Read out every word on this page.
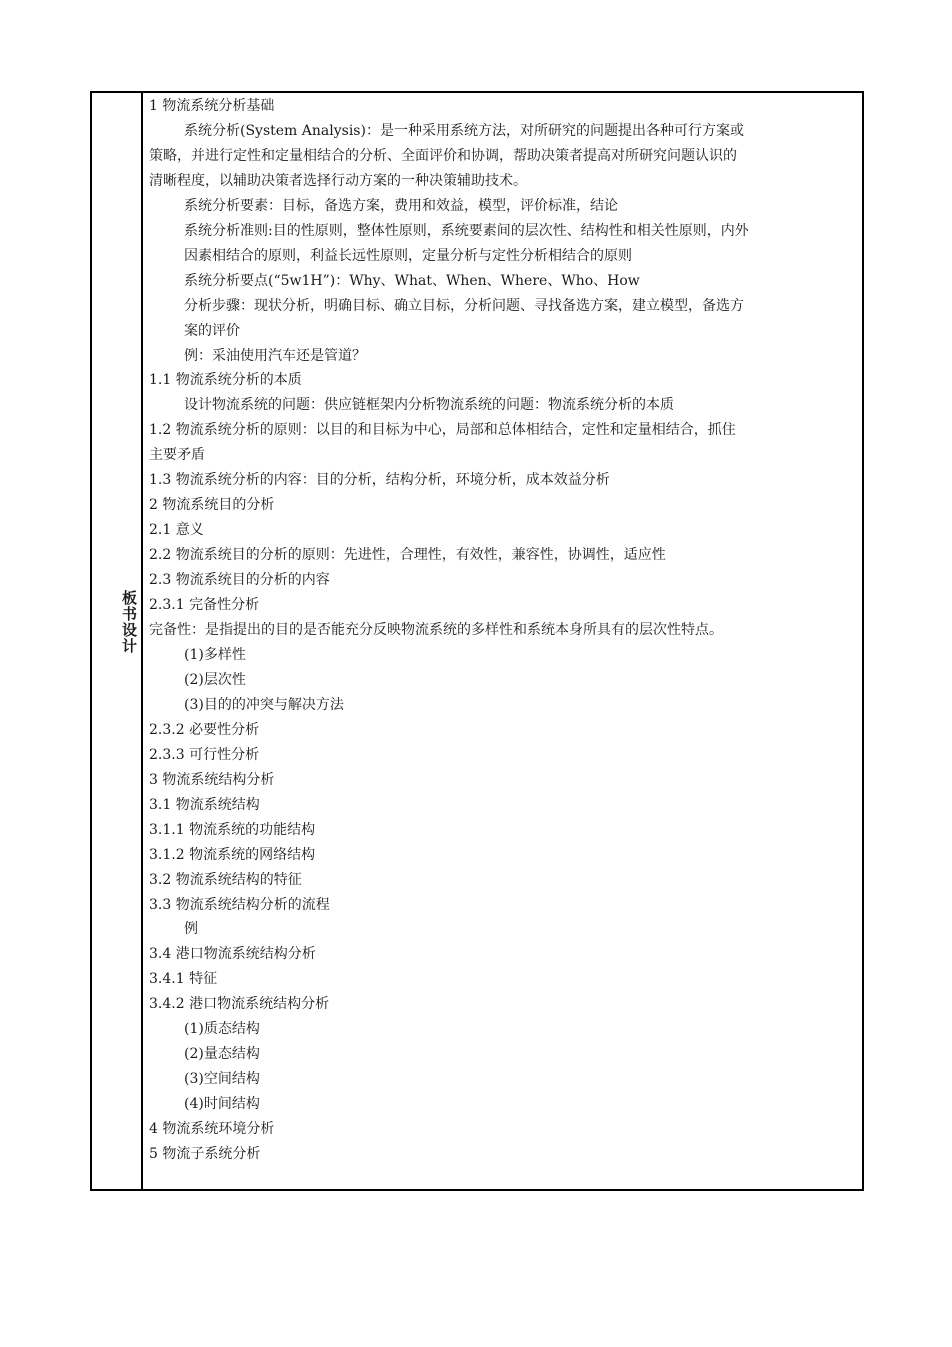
板书设计
1 物流系统分析基础
系统分析(System Analysis)：是一种采用系统方法，对所研究的问题提出各种可行方案或
策略，并进行定性和定量相结合的分析、全面评价和协调，帮助决策者提高对所研究问题认识的
清晰程度，以辅助决策者选择行动方案的一种决策辅助技术。
系统分析要素：目标，备选方案，费用和效益，模型，评价标准，结论
系统分析准则:目的性原则，整体性原则，系统要素间的层次性、结构性和相关性原则，内外
因素相结合的原则，利益长远性原则，定量分析与定性分析相结合的原则
系统分析要点(“5w1H”)：Why、What、When、Where、Who、How
分析步骤：现状分析，明确目标、确立目标，分析问题、寻找备选方案，建立模型，备选方
案的评价
例：采油使用汽车还是管道？
1.1 物流系统分析的本质
设计物流系统的问题：供应链框架内分析物流系统的问题：物流系统分析的本质
1.2 物流系统分析的原则：以目的和目标为中心，局部和总体相结合，定性和定量相结合，抓住
主要矛盾
1.3 物流系统分析的内容：目的分析，结构分析，环境分析，成本效益分析
2 物流系统目的分析
2.1 意义
2.2 物流系统目的分析的原则：先进性，合理性，有效性，兼容性，协调性，适应性
2.3 物流系统目的分析的内容
2.3.1 完备性分析
完备性：是指提出的目的是否能充分反映物流系统的多样性和系统本身所具有的层次性特点。
(1)多样性
(2)层次性
(3)目的的冲突与解决方法
2.3.2 必要性分析
2.3.3 可行性分析
3 物流系统结构分析
3.1 物流系统结构
3.1.1 物流系统的功能结构
3.1.2 物流系统的网络结构
3.2 物流系统结构的特征
3.3 物流系统结构分析的流程
例
3.4 港口物流系统结构分析
3.4.1 特征
3.4.2 港口物流系统结构分析
(1)质态结构
(2)量态结构
(3)空间结构
(4)时间结构
4 物流系统环境分析
5 物流子系统分析
